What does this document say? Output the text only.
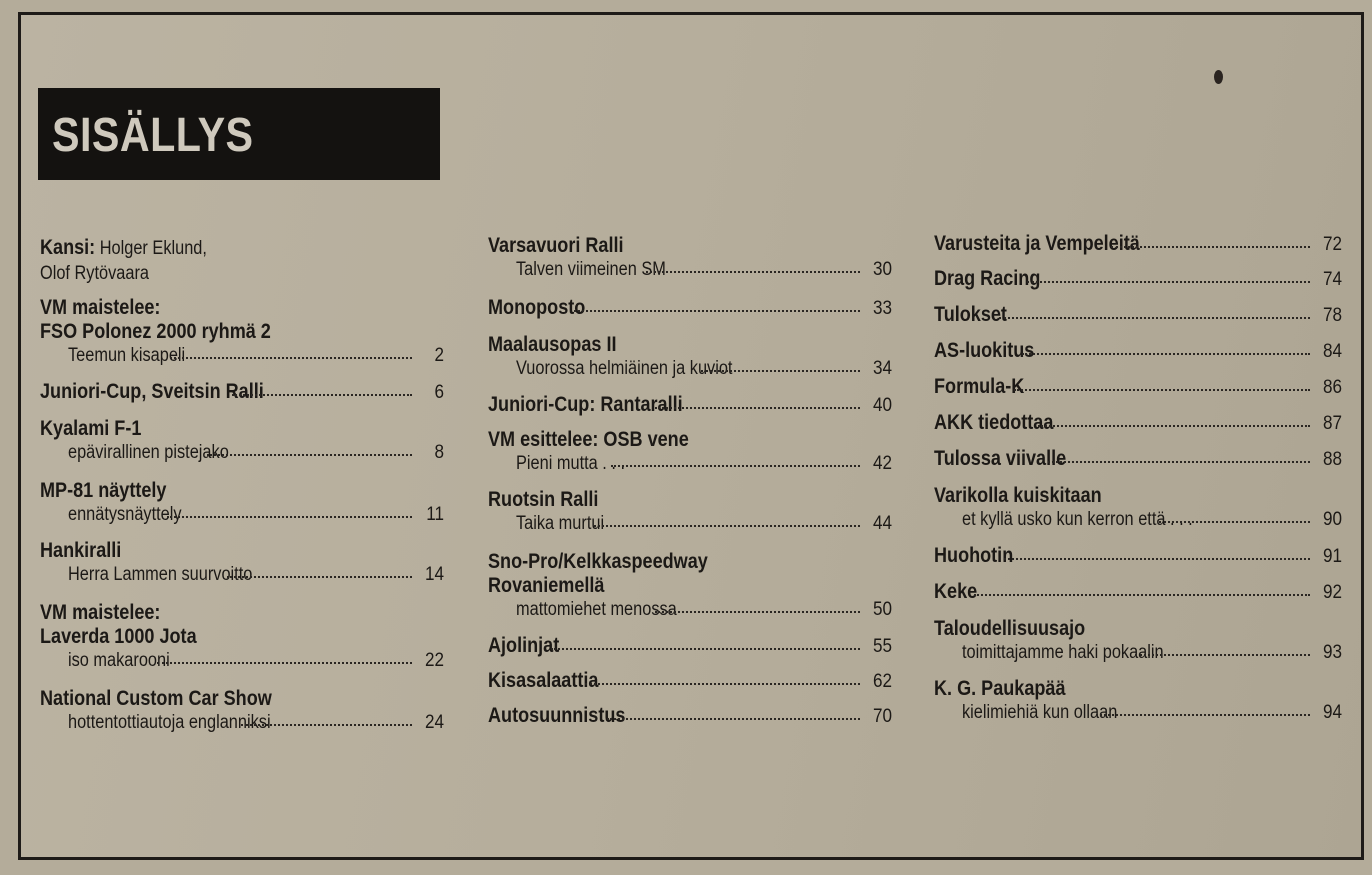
SISÄLLYS
Kansi: Holger Eklund,
Olof Rytövaara
VM maistelee:
FSO Polonez 2000 ryhmä 2
Teemun kisapeli	2
Juniori-Cup, Sveitsin Ralli	6
Kyalami F-1
epävirallinen pistejako	8
MP-81 näyttely
ennätysnäyttely	11
Hankiralli
Herra Lammen suurvoitto	14
VM maistelee:
Laverda 1000 Jota
iso makarooni	22
National Custom Car Show
hottentottiautoja englanniksi	24
Varsavuori Ralli
Talven viimeinen SM	30
Monoposto	33
Maalausopas II
Vuorossa helmiäinen ja kuviot	34
Juniori-Cup: Rantaralli	40
VM esittelee: OSB vene
Pieni mutta . . .	42
Ruotsin Ralli
Taika murtui	44
Sno-Pro/Kelkkaspeedway
Rovaniemellä
mattomiehet menossa	50
Ajolinjat	55
Kisasalaattia	62
Autosuunnistus	70
Varusteita ja Vempeleitä	72
Drag Racing	74
Tulokset	78
AS-luokitus	84
Formula-K	86
AKK tiedottaa	87
Tulossa viivalle	88
Varikolla kuiskitaan
et kyllä usko kun kerron että . . .	90
Huohotin	91
Keke	92
Taloudellisuusajo
toimittajamme haki pokaalin	93
K. G. Paukapää
kielimiehiä kun ollaan	94
